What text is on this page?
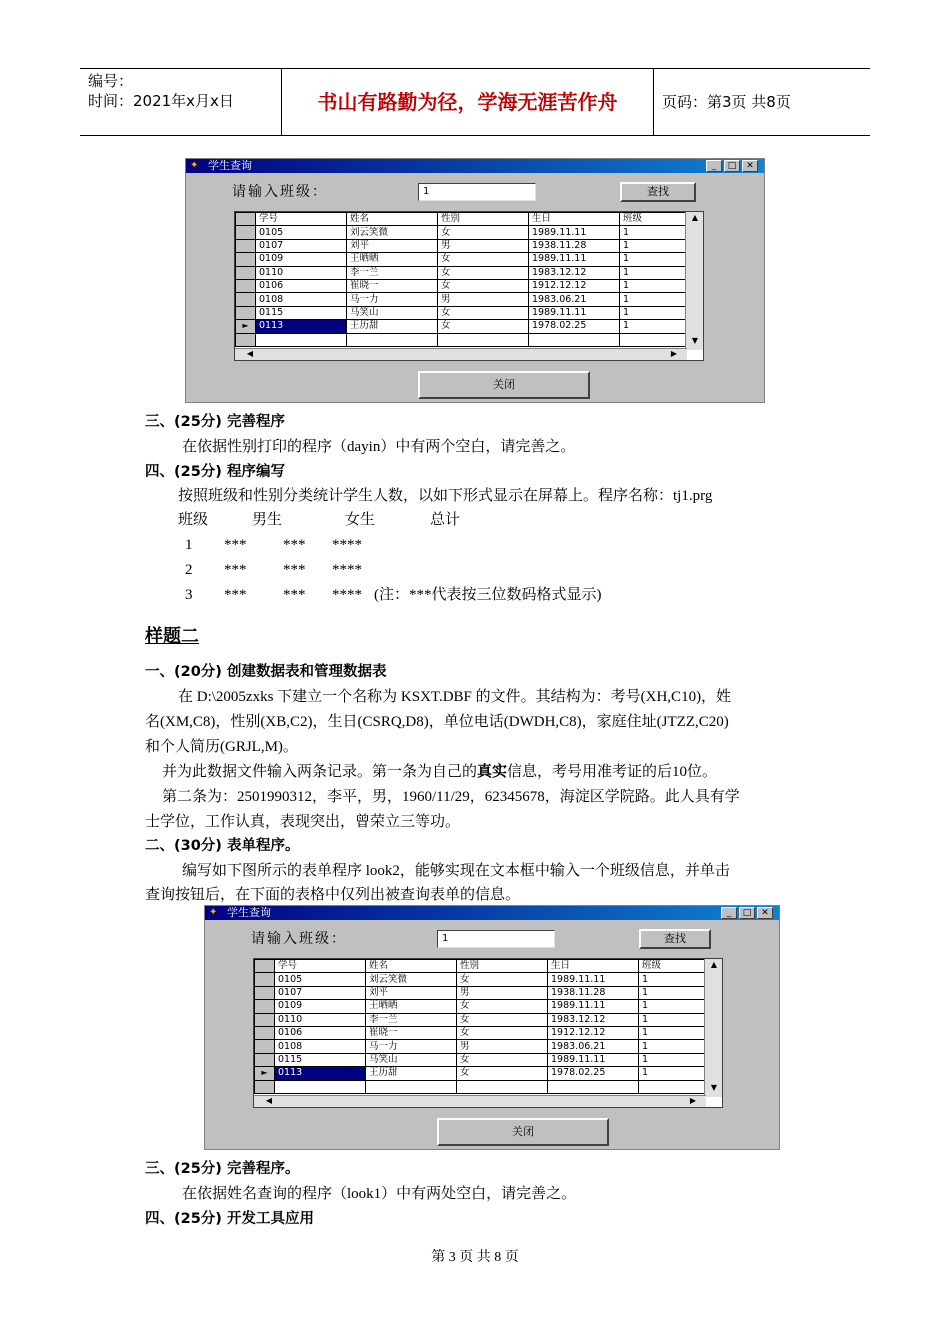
编号：
时间：2021年x月x日	书山有路勤为径，学海无涯苦作舟	页码：第3页 共8页
✦ 学生查询	_	□	✕
请输入班级：	1	查找
	学号	姓名	性别	生日	班级
	0105	刘云笑微	女	1989.11.11	1
	0107	刘平	男	1938.11.28	1
	0109	王晒晒	女	1989.11.11	1
	0110	李一兰	女	1983.12.12	1
	0106	崔晓一	女	1912.12.12	1
	0108	马一力	男	1983.06.21	1
	0115	马笑山	女	1989.11.11	1
►	0113	王历甜	女	1978.02.25	1

▲
▼
◀	▶
关闭
三、(25分) 完善程序
在依据性别打印的程序（dayin）中有两个空白，请完善之。
四、(25分) 程序编写
按照班级和性别分类统计学生人数，以如下形式显示在屏幕上。程序名称：tj1.prg
班级	男生	女生	总计
1 *** *** ****
2 *** *** ****
3 *** *** **** (注：***代表按三位数码格式显示)
样题二
一、(20分) 创建数据表和管理数据表
在 D:\2005zxks 下建立一个名称为 KSXT.DBF 的文件。其结构为：考号(XH,C10)，姓
名(XM,C8)，性别(XB,C2)，生日(CSRQ,D8)，单位电话(DWDH,C8)，家庭住址(JTZZ,C20)
和个人简历(GRJL,M)。
并为此数据文件输入两条记录。第一条为自己的真实信息，考号用准考证的后10位。
第二条为：2501990312，李平，男，1960/11/29，62345678，海淀区学院路。此人具有学
士学位，工作认真，表现突出，曾荣立三等功。
二、(30分) 表单程序。
编写如下图所示的表单程序 look2，能够实现在文本框中输入一个班级信息，并单击
查询按钮后，在下面的表格中仅列出被查询表单的信息。
✦ 学生查询	_	□	✕
请输入班级：	1	查找
	学号	姓名	性别	生日	班级
	0105	刘云笑微	女	1989.11.11	1
	0107	刘平	男	1938.11.28	1
	0109	王晒晒	女	1989.11.11	1
	0110	李一兰	女	1983.12.12	1
	0106	崔晓一	女	1912.12.12	1
	0108	马一力	男	1983.06.21	1
	0115	马笑山	女	1989.11.11	1
►	0113	王历甜	女	1978.02.25	1

▲
▼
◀	▶
关闭
三、(25分) 完善程序。
在依据姓名查询的程序（look1）中有两处空白，请完善之。
四、(25分) 开发工具应用
第 3 页 共 8 页
